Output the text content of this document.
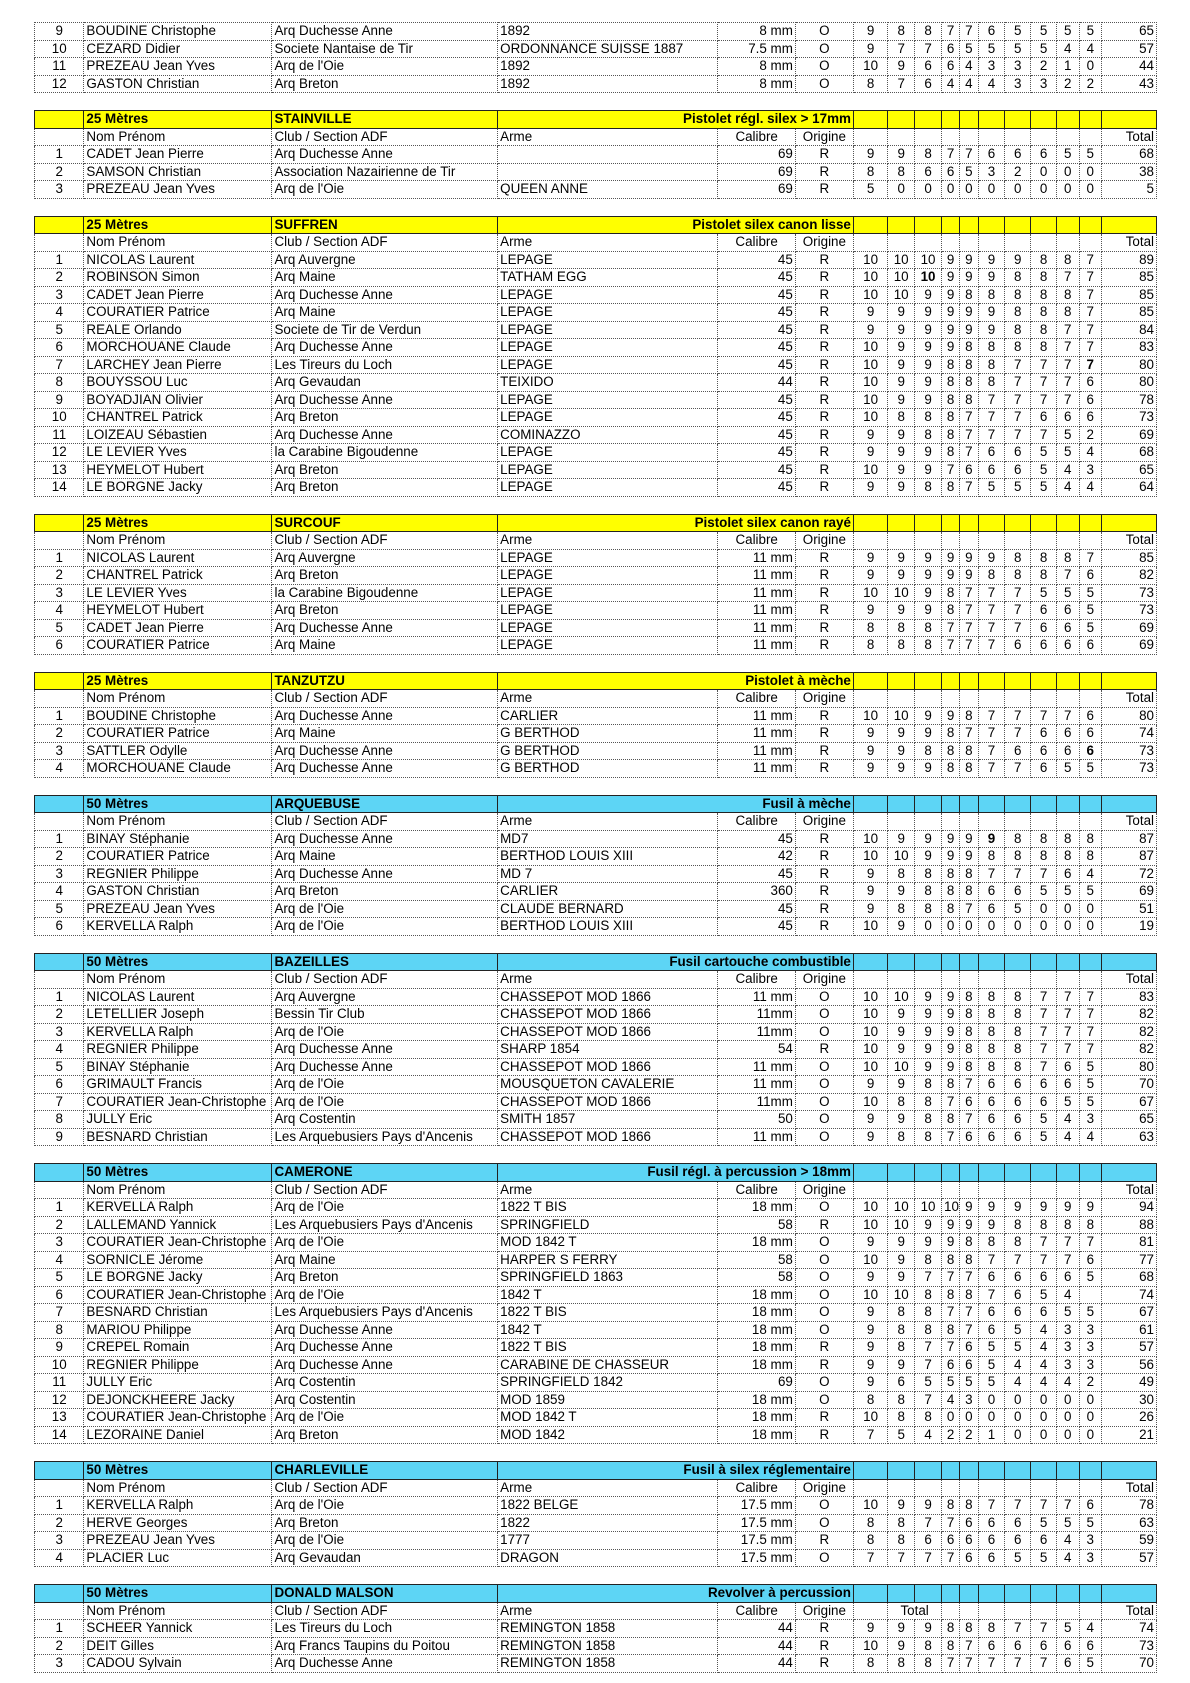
9	BOUDINE Christophe	Arq Duchesse Anne	1892	8 mm	O	9	8	8	7	7	6	5	5	5	5	65
10	CEZARD Didier	Societe Nantaise de Tir	ORDONNANCE SUISSE 1887	7.5 mm	O	9	7	7	6	5	5	5	5	4	4	57
11	PREZEAU Jean Yves	Arq de l'Oie	1892	8 mm	O	10	9	6	6	4	3	3	2	1	0	44
12	GASTON Christian	Arq Breton	1892	8 mm	O	8	7	6	4	4	4	3	3	2	2	43
	25 Mètres	STAINVILLE	Pistolet régl. silex > 17mm													
	Nom Prénom	Club / Section ADF	Arme	Calibre	Origine											Total
1	CADET Jean Pierre	Arq Duchesse Anne		69	R	9	9	8	7	7	6	6	6	5	5	68
2	SAMSON Christian	Association Nazairienne de Tir		69	R	8	8	6	6	5	3	2	0	0	0	38
3	PREZEAU Jean Yves	Arq de l'Oie	QUEEN ANNE	69	R	5	0	0	0	0	0	0	0	0	0	5
	25 Mètres	SUFFREN	Pistolet silex canon lisse													
	Nom Prénom	Club / Section ADF	Arme	Calibre	Origine											Total
1	NICOLAS Laurent	Arq Auvergne	LEPAGE	45	R	10	10	10	9	9	9	9	8	8	7	89
2	ROBINSON Simon	Arq Maine	TATHAM EGG	45	R	10	10	10	9	9	9	8	8	7	7	85
3	CADET Jean Pierre	Arq Duchesse Anne	LEPAGE	45	R	10	10	9	9	8	8	8	8	8	7	85
4	COURATIER Patrice	Arq Maine	LEPAGE	45	R	9	9	9	9	9	9	8	8	8	7	85
5	REALE Orlando	Societe de Tir de Verdun	LEPAGE	45	R	9	9	9	9	9	9	8	8	7	7	84
6	MORCHOUANE Claude	Arq Duchesse Anne	LEPAGE	45	R	10	9	9	9	8	8	8	8	7	7	83
7	LARCHEY Jean Pierre	Les Tireurs du Loch	LEPAGE	45	R	10	9	9	8	8	8	7	7	7	7	80
8	BOUYSSOU Luc	Arq Gevaudan	TEIXIDO	44	R	10	9	9	8	8	8	7	7	7	6	80
9	BOYADJIAN Olivier	Arq Duchesse Anne	LEPAGE	45	R	10	9	9	8	8	7	7	7	7	6	78
10	CHANTREL Patrick	Arq Breton	LEPAGE	45	R	10	8	8	8	7	7	7	6	6	6	73
11	LOIZEAU Sébastien	Arq Duchesse Anne	COMINAZZO	45	R	9	9	8	8	7	7	7	7	5	2	69
12	LE LEVIER Yves	la Carabine Bigoudenne	LEPAGE	45	R	9	9	9	8	7	6	6	5	5	4	68
13	HEYMELOT Hubert	Arq Breton	LEPAGE	45	R	10	9	9	7	6	6	6	5	4	3	65
14	LE BORGNE Jacky	Arq Breton	LEPAGE	45	R	9	9	8	8	7	5	5	5	4	4	64
	25 Mètres	SURCOUF	Pistolet silex canon rayé													
	Nom Prénom	Club / Section ADF	Arme	Calibre	Origine											Total
1	NICOLAS Laurent	Arq Auvergne	LEPAGE	11 mm	R	9	9	9	9	9	9	8	8	8	7	85
2	CHANTREL Patrick	Arq Breton	LEPAGE	11 mm	R	9	9	9	9	9	8	8	8	7	6	82
3	LE LEVIER Yves	la Carabine Bigoudenne	LEPAGE	11 mm	R	10	10	9	8	7	7	7	5	5	5	73
4	HEYMELOT Hubert	Arq Breton	LEPAGE	11 mm	R	9	9	9	8	7	7	7	6	6	5	73
5	CADET Jean Pierre	Arq Duchesse Anne	LEPAGE	11 mm	R	8	8	8	7	7	7	7	6	6	5	69
6	COURATIER Patrice	Arq Maine	LEPAGE	11 mm	R	8	8	8	7	7	7	6	6	6	6	69
	25 Mètres	TANZUTZU	Pistolet à mèche													
	Nom Prénom	Club / Section ADF	Arme	Calibre	Origine											Total
1	BOUDINE Christophe	Arq Duchesse Anne	CARLIER	11 mm	R	10	10	9	9	8	7	7	7	7	6	80
2	COURATIER Patrice	Arq Maine	G BERTHOD	11 mm	R	9	9	9	8	7	7	7	6	6	6	74
3	SATTLER Odylle	Arq Duchesse Anne	G BERTHOD	11 mm	R	9	9	8	8	8	7	6	6	6	6	73
4	MORCHOUANE Claude	Arq Duchesse Anne	G BERTHOD	11 mm	R	9	9	9	8	8	7	7	6	5	5	73
	50 Mètres	ARQUEBUSE	Fusil à mèche													
	Nom Prénom	Club / Section ADF	Arme	Calibre	Origine											Total
1	BINAY Stéphanie	Arq Duchesse Anne	MD7	45	R	10	9	9	9	9	9	8	8	8	8	87
2	COURATIER Patrice	Arq Maine	BERTHOD LOUIS XIII	42	R	10	10	9	9	9	8	8	8	8	8	87
3	REGNIER Philippe	Arq Duchesse Anne	MD 7	45	R	9	8	8	8	8	7	7	7	6	4	72
4	GASTON Christian	Arq Breton	CARLIER	360	R	9	9	8	8	8	6	6	5	5	5	69
5	PREZEAU Jean Yves	Arq de l'Oie	CLAUDE BERNARD	45	R	9	8	8	8	7	6	5	0	0	0	51
6	KERVELLA Ralph	Arq de l'Oie	BERTHOD LOUIS XIII	45	R	10	9	0	0	0	0	0	0	0	0	19
	50 Mètres	BAZEILLES	Fusil cartouche combustible													
	Nom Prénom	Club / Section ADF	Arme	Calibre	Origine											Total
1	NICOLAS Laurent	Arq Auvergne	CHASSEPOT MOD 1866	11 mm	O	10	10	9	9	8	8	8	7	7	7	83
2	LETELLIER Joseph	Bessin Tir Club	CHASSEPOT MOD 1866	11mm	O	10	9	9	9	8	8	8	7	7	7	82
3	KERVELLA Ralph	Arq de l'Oie	CHASSEPOT MOD 1866	11mm	O	10	9	9	9	8	8	8	7	7	7	82
4	REGNIER Philippe	Arq Duchesse Anne	SHARP 1854	54	R	10	9	9	9	8	8	8	7	7	7	82
5	BINAY Stéphanie	Arq Duchesse Anne	CHASSEPOT MOD 1866	11 mm	O	10	10	9	9	8	8	8	7	6	5	80
6	GRIMAULT Francis	Arq de l'Oie	MOUSQUETON CAVALERIE	11 mm	O	9	9	8	8	7	6	6	6	6	5	70
7	COURATIER Jean-Christophe	Arq de l'Oie	CHASSEPOT MOD 1866	11mm	O	10	8	8	7	6	6	6	6	5	5	67
8	JULLY Eric	Arq Costentin	SMITH 1857	50	O	9	9	8	8	7	6	6	5	4	3	65
9	BESNARD Christian	Les Arquebusiers Pays d'Ancenis	CHASSEPOT MOD 1866	11 mm	O	9	8	8	7	6	6	6	5	4	4	63
	50 Mètres	CAMERONE	Fusil régl. à percussion > 18mm													
	Nom Prénom	Club / Section ADF	Arme	Calibre	Origine											Total
1	KERVELLA Ralph	Arq de l'Oie	1822 T BIS	18 mm	O	10	10	10	10	9	9	9	9	9	9	94
2	LALLEMAND Yannick	Les Arquebusiers Pays d'Ancenis	SPRINGFIELD	58	R	10	10	9	9	9	9	8	8	8	8	88
3	COURATIER Jean-Christophe	Arq de l'Oie	MOD 1842 T	18 mm	O	9	9	9	9	8	8	8	7	7	7	81
4	SORNICLE Jérome	Arq Maine	HARPER S FERRY	58	O	10	9	8	8	8	7	7	7	7	6	77
5	LE BORGNE Jacky	Arq Breton	SPRINGFIELD 1863	58	O	9	9	7	7	7	6	6	6	6	5	68
6	COURATIER Jean-Christophe	Arq de l'Oie	1842 T	18 mm	O	10	10	8	8	8	7	6	5	4		74
7	BESNARD Christian	Les Arquebusiers Pays d'Ancenis	1822 T BIS	18 mm	O	9	8	8	7	7	6	6	6	5	5	67
8	MARIOU Philippe	Arq Duchesse Anne	1842 T	18 mm	O	9	8	8	8	7	6	5	4	3	3	61
9	CREPEL Romain	Arq Duchesse Anne	1822 T BIS	18 mm	R	9	8	7	7	6	5	5	4	3	3	57
10	REGNIER Philippe	Arq Duchesse Anne	CARABINE DE CHASSEUR	18 mm	R	9	9	7	6	6	5	4	4	3	3	56
11	JULLY Eric	Arq Costentin	SPRINGFIELD 1842	69	O	9	6	5	5	5	5	4	4	4	2	49
12	DEJONCKHEERE Jacky	Arq Costentin	MOD 1859	18 mm	O	8	8	7	4	3	0	0	0	0	0	30
13	COURATIER Jean-Christophe	Arq de l'Oie	MOD 1842 T	18 mm	R	10	8	8	0	0	0	0	0	0	0	26
14	LEZORAINE Daniel	Arq Breton	MOD 1842	18 mm	R	7	5	4	2	2	1	0	0	0	0	21
	50 Mètres	CHARLEVILLE	Fusil à silex réglementaire													
	Nom Prénom	Club / Section ADF	Arme	Calibre	Origine											Total
1	KERVELLA Ralph	Arq de l'Oie	1822 BELGE	17.5 mm	O	10	9	9	8	8	7	7	7	7	6	78
2	HERVE Georges	Arq Breton	1822	17.5 mm	O	8	8	7	7	6	6	6	5	5	5	63
3	PREZEAU Jean Yves	Arq de l'Oie	1777	17.5 mm	R	8	8	6	6	6	6	6	6	4	3	59
4	PLACIER Luc	Arq Gevaudan	DRAGON	17.5 mm	O	7	7	7	7	6	6	5	5	4	3	57
	50 Mètres	DONALD MALSON	Revolver à percussion													
	Nom Prénom	Club / Section ADF	Arme	Calibre	Origine		Total									Total
1	SCHEER Yannick	Les Tireurs du Loch	REMINGTON 1858	44	R	9	9	9	8	8	8	7	7	5	4	74
2	DEIT Gilles	Arq Francs Taupins du Poitou	REMINGTON 1858	44	R	10	9	8	8	7	6	6	6	6	6	73
3	CADOU Sylvain	Arq Duchesse Anne	REMINGTON 1858	44	R	8	8	8	7	7	7	7	7	6	5	70
